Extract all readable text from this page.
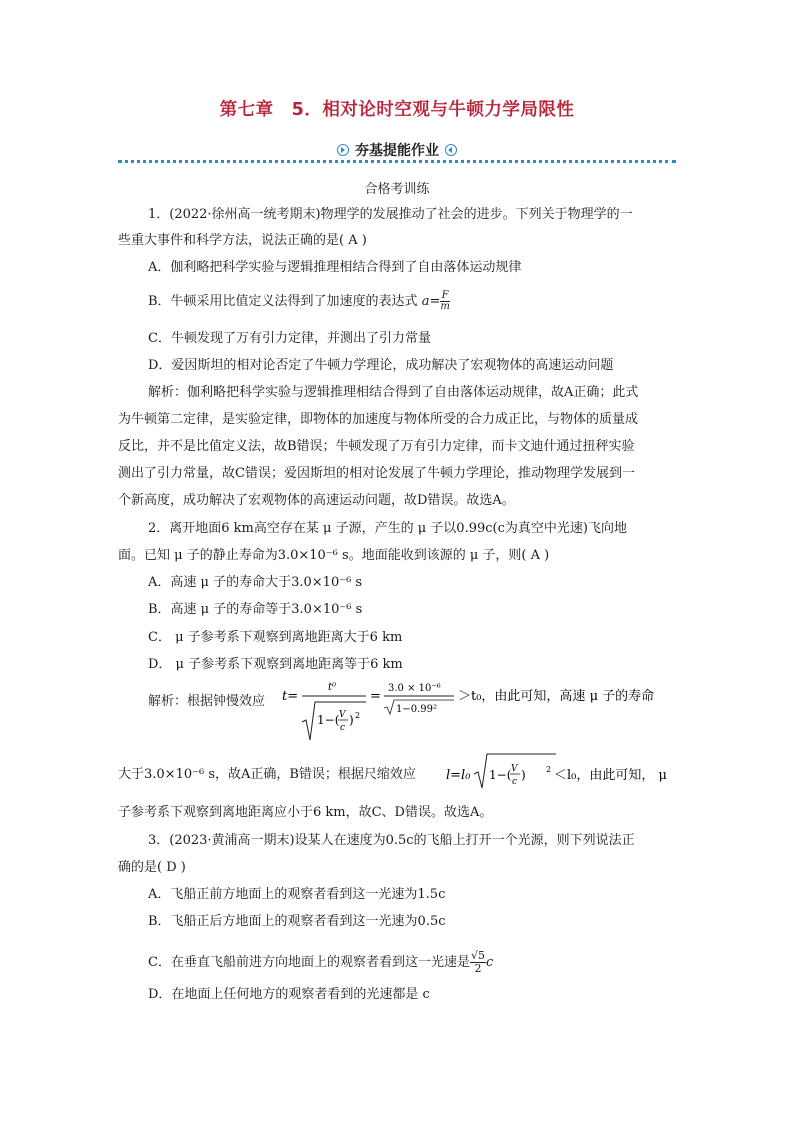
第七章　5．相对论时空观与牛顿力学局限性
夯基提能作业
合格考训练
1．(2022·徐州高一统考期末)物理学的发展推动了社会的进步。下列关于物理学的一
些重大事件和科学方法，说法正确的是( A )
A．伽利略把科学实验与逻辑推理相结合得到了自由落体运动规律
B．牛顿采用比值定义法得到了加速度的表达式 $a= \frac{F}{m}$
C．牛顿发现了万有引力定律，并测出了引力常量
D．爱因斯坦的相对论否定了牛顿力学理论，成功解决了宏观物体的高速运动问题
解析：伽利略把科学实验与逻辑推理相结合得到了自由落体运动规律，故A正确；此式
为牛顿第二定律，是实验定律，即物体的加速度与物体所受的合力成正比，与物体的质量成
反比，并不是比值定义法，故B错误；牛顿发现了万有引力定律，而卡文迪什通过扭秤实验
测出了引力常量，故C错误；爱因斯坦的相对论发展了牛顿力学理论，推动物理学发展到一
个新高度，成功解决了宏观物体的高速运动问题，故D错误。故选A。
2．离开地面6 km高空存在某 μ 子源，产生的 μ 子以0.99c(c为真空中光速)飞向地
面。已知 μ 子的静止寿命为3.0×10⁻⁶ s。地面能收到该源的 μ 子，则( A )
A．高速 μ 子的寿命大于3.0×10⁻⁶ s
B．高速 μ 子的寿命等于3.0×10⁻⁶ s
C． μ 子参考系下观察到离地距离大于6 km
D． μ 子参考系下观察到离地距离等于6 km
解析：根据钟慢效应 t=
t⁰
1−( V
c
) 2
=
3.0 × 10⁻⁶
1−0.99²
＞t₀，由此可知，高速 μ 子的寿命
大于3.0×10⁻⁶ s，故A正确，B错误；根据尺缩效应 l=l₀ 1−( V
c )	2 ＜l₀，由此可知， μ
子参考系下观察到离地距离应小于6 km，故C、D错误。故选A。
3．(2023·黄浦高一期末)设某人在速度为0.5c的飞船上打开一个光源，则下列说法正
确的是( D )
A．飞船正前方地面上的观察者看到这一光速为1.5c
B．飞船正后方地面上的观察者看到这一光速为0.5c
C．在垂直飞船前进方向地面上的观察者看到这一光速是 $\frac{√5}{2}$ c
D．在地面上任何地方的观察者看到的光速都是 c
